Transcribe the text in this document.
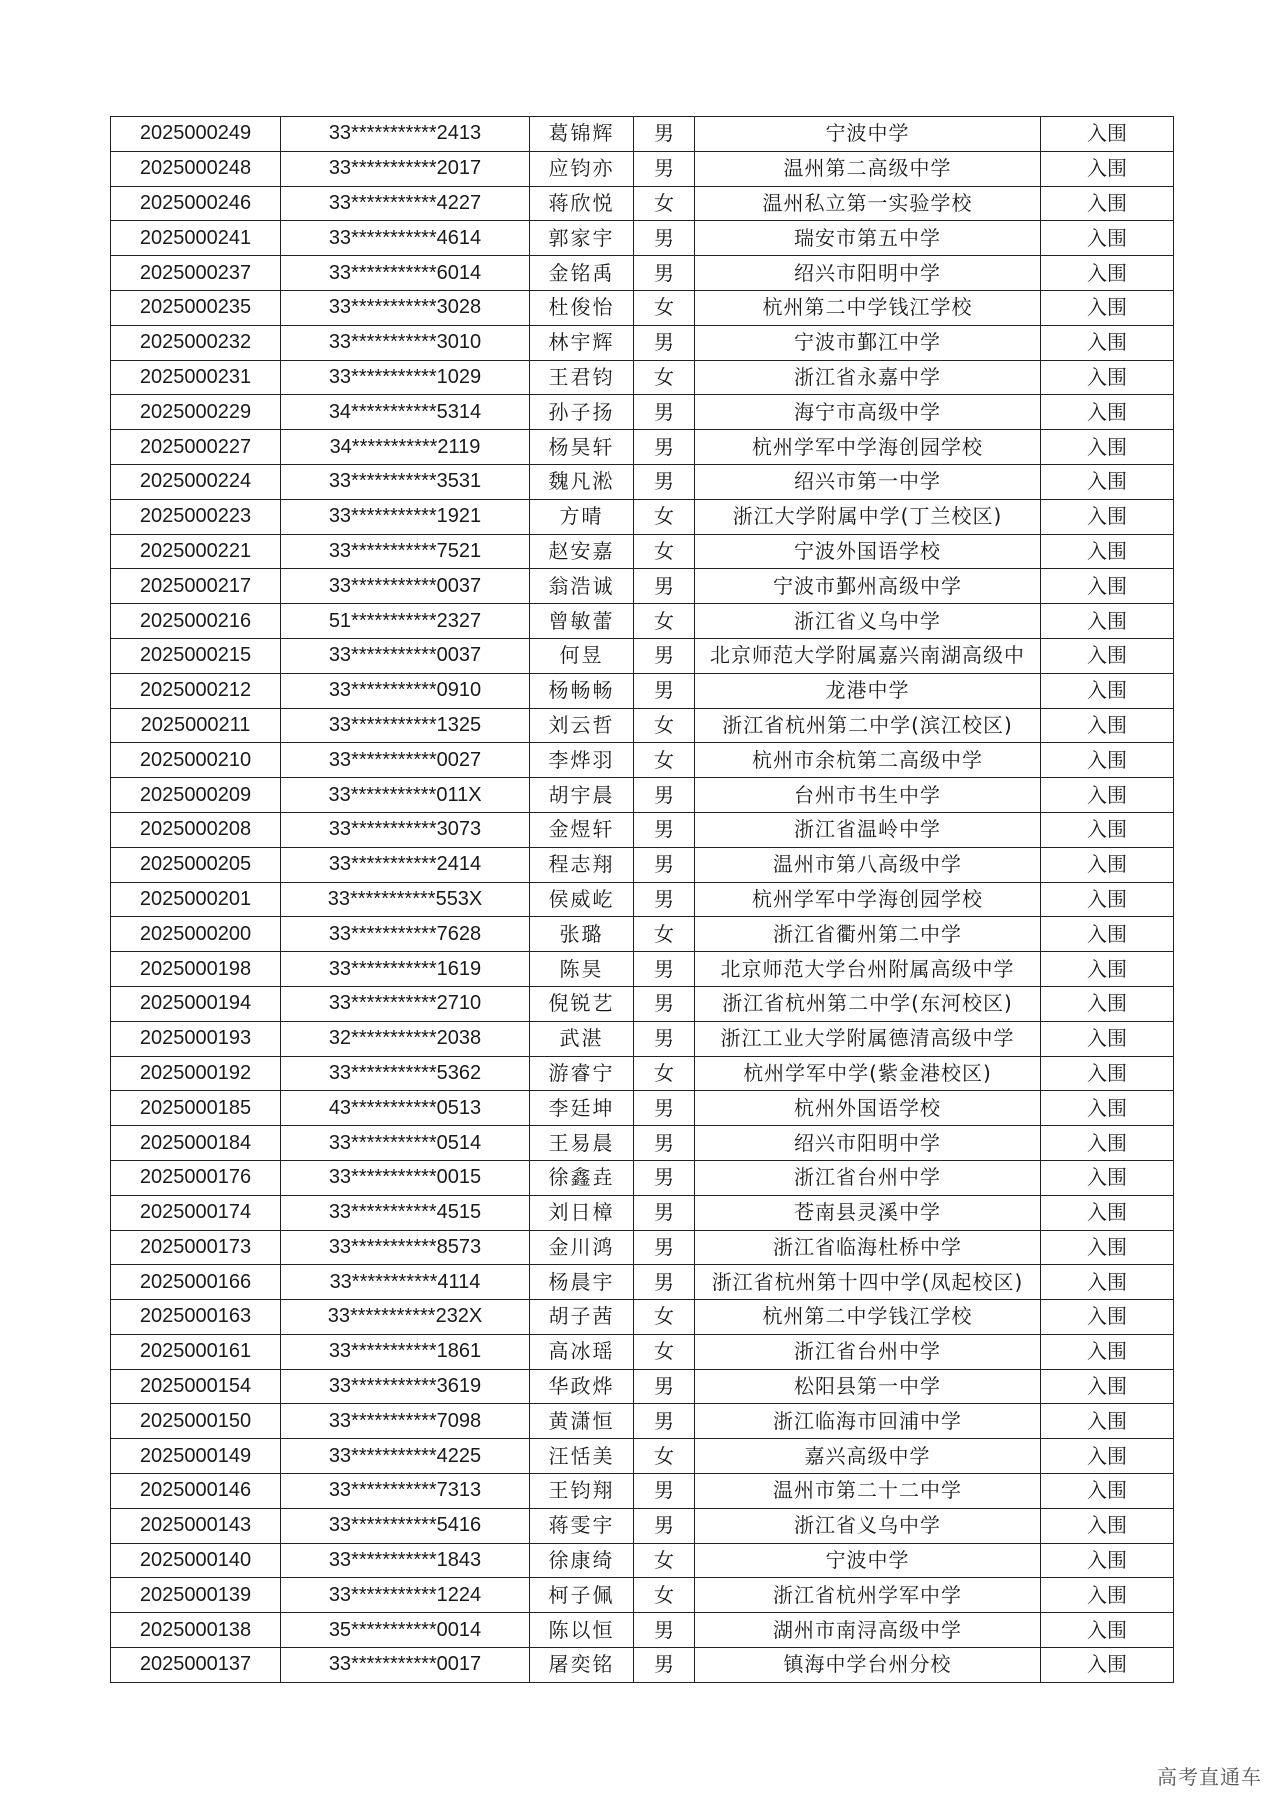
2025000249	33***********2413	葛锦辉	男	宁波中学	入围
2025000248	33***********2017	应钧亦	男	温州第二高级中学	入围
2025000246	33***********4227	蒋欣悦	女	温州私立第一实验学校	入围
2025000241	33***********4614	郭家宇	男	瑞安市第五中学	入围
2025000237	33***********6014	金铭禹	男	绍兴市阳明中学	入围
2025000235	33***********3028	杜俊怡	女	杭州第二中学钱江学校	入围
2025000232	33***********3010	林宇辉	男	宁波市鄞江中学	入围
2025000231	33***********1029	王君钧	女	浙江省永嘉中学	入围
2025000229	34***********5314	孙子扬	男	海宁市高级中学	入围
2025000227	34***********2119	杨昊轩	男	杭州学军中学海创园学校	入围
2025000224	33***********3531	魏凡淞	男	绍兴市第一中学	入围
2025000223	33***********1921	方晴	女	浙江大学附属中学(丁兰校区)	入围
2025000221	33***********7521	赵安嘉	女	宁波外国语学校	入围
2025000217	33***********0037	翁浩诚	男	宁波市鄞州高级中学	入围
2025000216	51***********2327	曾敏蕾	女	浙江省义乌中学	入围
2025000215	33***********0037	何昱	男	北京师范大学附属嘉兴南湖高级中	入围
2025000212	33***********0910	杨畅畅	男	龙港中学	入围
2025000211	33***********1325	刘云哲	女	浙江省杭州第二中学(滨江校区)	入围
2025000210	33***********0027	李烨羽	女	杭州市余杭第二高级中学	入围
2025000209	33***********011X	胡宇晨	男	台州市书生中学	入围
2025000208	33***********3073	金煜轩	男	浙江省温岭中学	入围
2025000205	33***********2414	程志翔	男	温州市第八高级中学	入围
2025000201	33***********553X	侯威屹	男	杭州学军中学海创园学校	入围
2025000200	33***********7628	张璐	女	浙江省衢州第二中学	入围
2025000198	33***********1619	陈昊	男	北京师范大学台州附属高级中学	入围
2025000194	33***********2710	倪锐艺	男	浙江省杭州第二中学(东河校区)	入围
2025000193	32***********2038	武湛	男	浙江工业大学附属德清高级中学	入围
2025000192	33***********5362	游睿宁	女	杭州学军中学(紫金港校区)	入围
2025000185	43***********0513	李廷坤	男	杭州外国语学校	入围
2025000184	33***********0514	王易晨	男	绍兴市阳明中学	入围
2025000176	33***********0015	徐鑫垚	男	浙江省台州中学	入围
2025000174	33***********4515	刘日樟	男	苍南县灵溪中学	入围
2025000173	33***********8573	金川鸿	男	浙江省临海杜桥中学	入围
2025000166	33***********4114	杨晨宇	男	浙江省杭州第十四中学(凤起校区)	入围
2025000163	33***********232X	胡子茜	女	杭州第二中学钱江学校	入围
2025000161	33***********1861	高冰瑶	女	浙江省台州中学	入围
2025000154	33***********3619	华政烨	男	松阳县第一中学	入围
2025000150	33***********7098	黄潇恒	男	浙江临海市回浦中学	入围
2025000149	33***********4225	汪恬美	女	嘉兴高级中学	入围
2025000146	33***********7313	王钧翔	男	温州市第二十二中学	入围
2025000143	33***********5416	蒋雯宇	男	浙江省义乌中学	入围
2025000140	33***********1843	徐康绮	女	宁波中学	入围
2025000139	33***********1224	柯子佩	女	浙江省杭州学军中学	入围
2025000138	35***********0014	陈以恒	男	湖州市南浔高级中学	入围
2025000137	33***********0017	屠奕铭	男	镇海中学台州分校	入围
高考直通车
